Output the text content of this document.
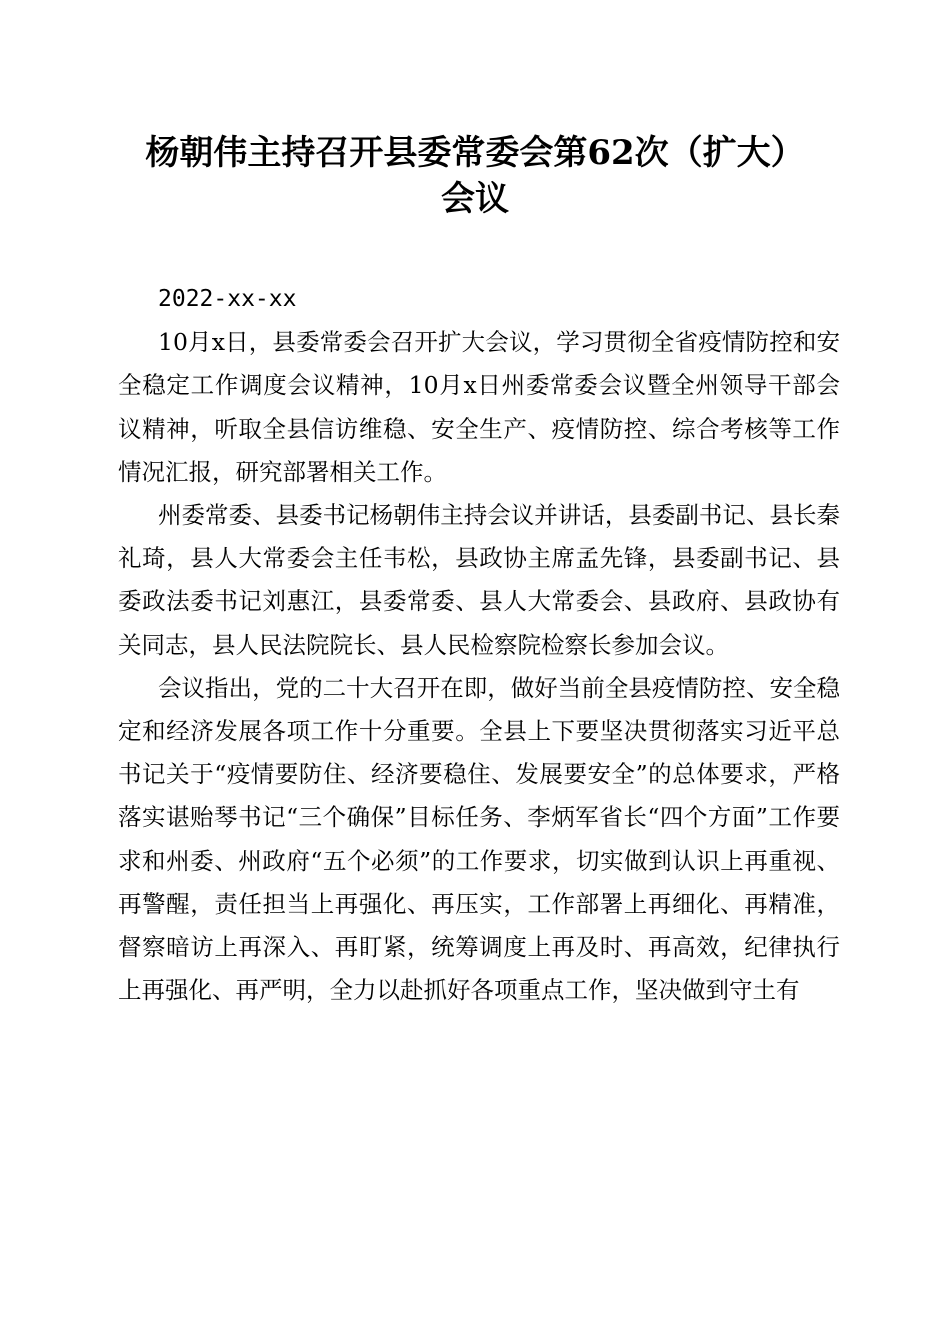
杨朝伟主持召开县委常委会第62次（扩大）
会议

2022-xx-xx

10月x日，县委常委会召开扩大会议，学习贯彻全省疫情防控和安全稳定工作调度会议精神，10月x日州委常委会议暨全州领导干部会议精神，听取全县信访维稳、安全生产、疫情防控、综合考核等工作情况汇报，研究部署相关工作。

州委常委、县委书记杨朝伟主持会议并讲话，县委副书记、县长秦礼琦，县人大常委会主任韦松，县政协主席孟先锋，县委副书记、县委政法委书记刘惠江，县委常委、县人大常委会、县政府、县政协有关同志，县人民法院院长、县人民检察院检察长参加会议。

会议指出，党的二十大召开在即，做好当前全县疫情防控、安全稳定和经济发展各项工作十分重要。全县上下要坚决贯彻落实习近平总书记关于“疫情要防住、经济要稳住、发展要安全”的总体要求，严格落实谌贻琴书记“三个确保”目标任务、李炳军省长“四个方面”工作要求和州委、州政府“五个必须”的工作要求，切实做到认识上再重视、再警醒，责任担当上再强化、再压实，工作部署上再细化、再精准，督察暗访上再深入、再盯紧，统筹调度上再及时、再高效，纪律执行上再强化、再严明，全力以赴抓好各项重点工作，坚决做到守土有
